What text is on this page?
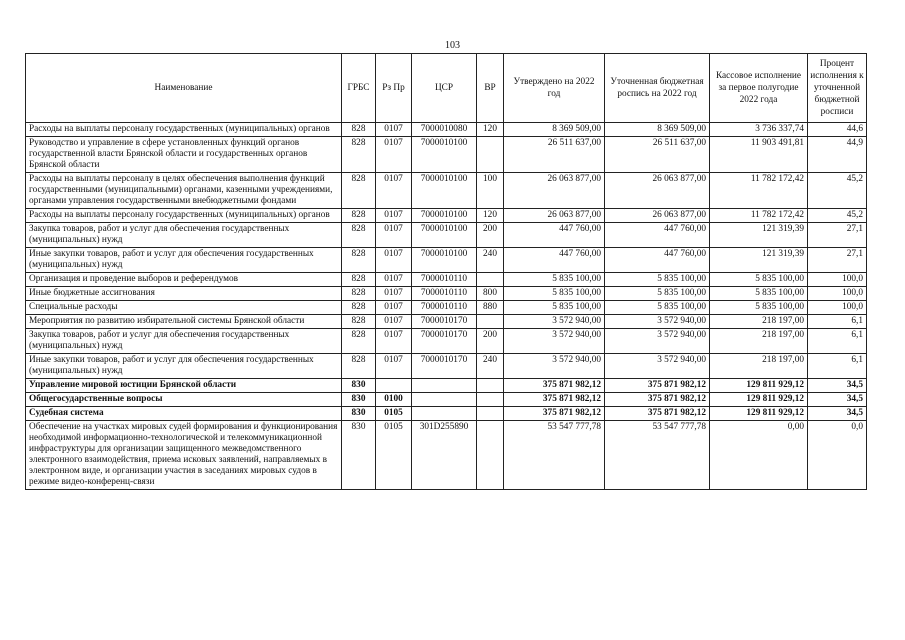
103
Наименование	ГРБС	Рз Пр	ЦСР	ВР	Утверждено на 2022 год	Уточненная бюджетная роспись на 2022 год	Кассовое исполнение за первое полугодие 2022 года	Процент исполнения к уточненной бюджетной росписи
Расходы на выплаты персоналу государственных (муниципальных) органов	828	0107	7000010080	120	8 369 509,00	8 369 509,00	3 736 337,74	44,6
Руководство и управление в сфере установленных функций органов государственной власти Брянской области и государственных органов Брянской области	828	0107	7000010100		26 511 637,00	26 511 637,00	11 903 491,81	44,9
Расходы на выплаты персоналу в целях обеспечения выполнения функций государственными (муниципальными) органами, казенными учреждениями, органами управления государственными внебюджетными фондами	828	0107	7000010100	100	26 063 877,00	26 063 877,00	11 782 172,42	45,2
Расходы на выплаты персоналу государственных (муниципальных) органов	828	0107	7000010100	120	26 063 877,00	26 063 877,00	11 782 172,42	45,2
Закупка товаров, работ и услуг для обеспечения государственных (муниципальных) нужд	828	0107	7000010100	200	447 760,00	447 760,00	121 319,39	27,1
Иные закупки товаров, работ и услуг для обеспечения государственных (муниципальных) нужд	828	0107	7000010100	240	447 760,00	447 760,00	121 319,39	27,1
Организация и проведение выборов и референдумов	828	0107	7000010110		5 835 100,00	5 835 100,00	5 835 100,00	100,0
Иные бюджетные ассигнования	828	0107	7000010110	800	5 835 100,00	5 835 100,00	5 835 100,00	100,0
Специальные расходы	828	0107	7000010110	880	5 835 100,00	5 835 100,00	5 835 100,00	100,0
Мероприятия по развитию избирательной системы Брянской области	828	0107	7000010170		3 572 940,00	3 572 940,00	218 197,00	6,1
Закупка товаров, работ и услуг для обеспечения государственных (муниципальных) нужд	828	0107	7000010170	200	3 572 940,00	3 572 940,00	218 197,00	6,1
Иные закупки товаров, работ и услуг для обеспечения государственных (муниципальных) нужд	828	0107	7000010170	240	3 572 940,00	3 572 940,00	218 197,00	6,1
Управление мировой юстиции Брянской области	830				375 871 982,12	375 871 982,12	129 811 929,12	34,5
Общегосударственные вопросы	830	0100			375 871 982,12	375 871 982,12	129 811 929,12	34,5
Судебная система	830	0105			375 871 982,12	375 871 982,12	129 811 929,12	34,5
Обеспечение на участках мировых судей формирования и функционирования необходимой информационно-технологической и телекоммуникационной инфраструктуры для организации защищенного межведомственного электронного взаимодействия, приема исковых заявлений, направляемых в электронном виде, и организации участия в заседаниях мировых судов в режиме видео-конференц-связи	830	0105	301D255890		53 547 777,78	53 547 777,78	0,00	0,0
